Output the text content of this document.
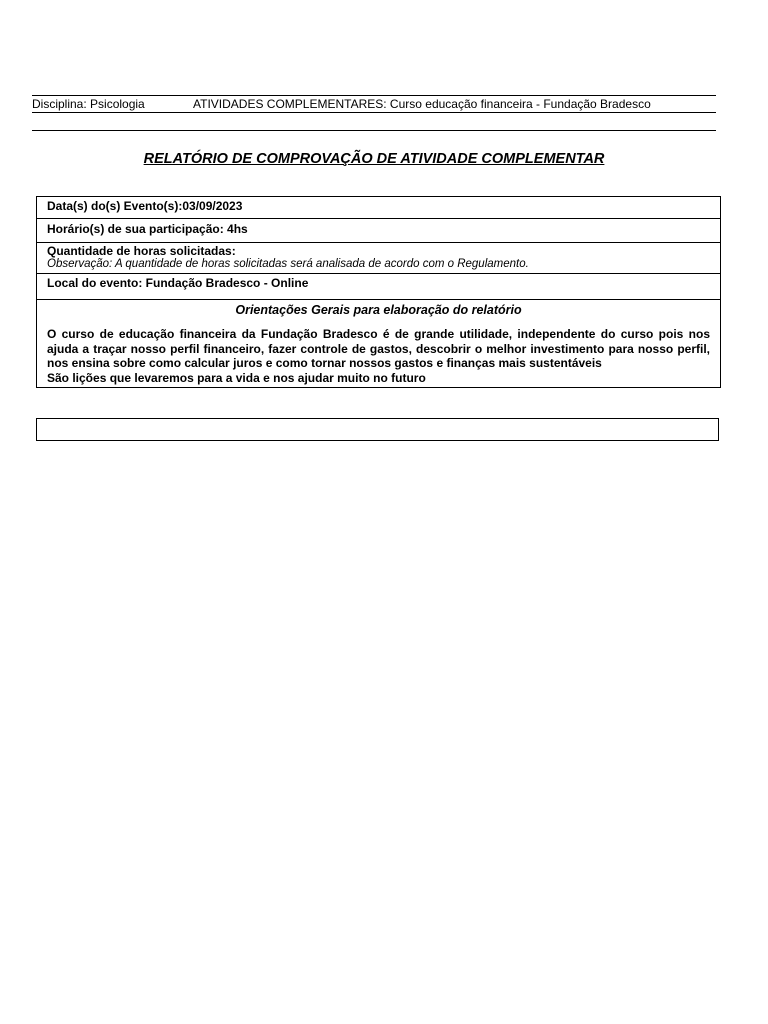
Disciplina: Psicologia	ATIVIDADES COMPLEMENTARES: Curso educação financeira - Fundação Bradesco
RELATÓRIO DE COMPROVAÇÃO DE ATIVIDADE COMPLEMENTAR
Data(s) do(s) Evento(s):03/09/2023
Horário(s) de sua participação: 4hs
Quantidade de horas solicitadas:
Observação: A quantidade de horas solicitadas será analisada de acordo com o Regulamento.
Local do evento: Fundação Bradesco - Online
Orientações Gerais para elaboração do relatório

O curso de educação financeira da Fundação Bradesco é de grande utilidade, independente do curso pois nos ajuda a traçar nosso perfil financeiro, fazer controle de gastos, descobrir o melhor investimento para nosso perfil, nos ensina sobre como calcular juros e como tornar nossos gastos e finanças mais sustentáveis

São lições que levaremos para a vida e nos ajudar muito no futuro
